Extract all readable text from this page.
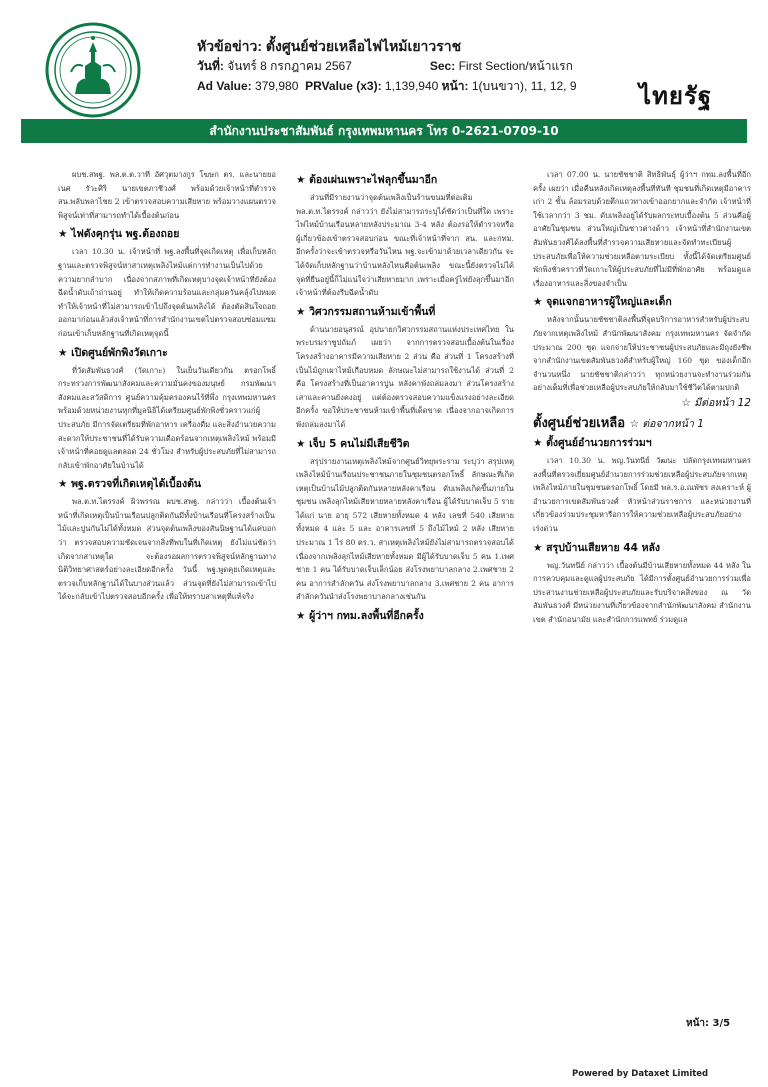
หัวข้อข่าว:
ตั้งศูนย์ช่วยเหลือไฟไหม้เยาวราช
วันที่:
จันทร์ 8 กรกฎาคม 2567	Sec:
First Section/หน้าแรก
Ad Value:
379,980
PRValue (x3):
1,139,940
หน้า:
1(บนขวา), 11, 12, 9	ไทยรัฐ
สำนักงานประชาสัมพันธ์ กรุงเทพมหานคร โทร 0-2621-0709-10

ผบช.สพฐ. พล.ต.ต.วาที อัศวุตมางกูร โฆษก ตร. และนายยอเนศ รัวะศิริ นายเขตภาชีวงศ์ พร้อมด้วยเจ้าหน้าที่ตำรวจสน.พลับพลาไชย 2 เข้าตรวจสอบความเสียหาย พร้อมวางแผนตรวจพิสูจน์เท่าที่สามารถทำได้เบื้องต้นก่อน

★ ไฟดังคุกรุ่น พฐ.ต้องถอย

เวลา 10.30 น. เจ้าหน้าที่ พฐ.ลงพื้นที่จุดเกิดเหตุ เพื่อเก็บหลักฐานและตรวจพิสูจน์หาสาเหตุเพลิงไหม้แต่การทำงานเป็นไปด้วยความยากลำบาก เนื่องจากสภาพที่เกิดเหตุบางจุดเจ้าหน้าที่ยังต้องฉีดน้ำดับเถ้าถ่านอยู่ ทำให้เกิดความร้อนและกลุ่มควันคลุ้งไปหมด ทำให้เจ้าหน้าที่ไม่สามารถเข้าไปถึงจุดต้นเพลิงได้ ต้องตัดสินใจถอยออกมาก่อนแล้วส่งเจ้าหน้าที่การสำนักงานเขตไปตรวจสอบซ่อมแซม ก่อนเข้าเก็บหลักฐานที่เกิดเหตุจุดนี้

★ เปิดศูนย์พักพิงวัดเกาะ

ที่วัดสัมพันธวงศ์ (วัดเกาะ) ในเย็นวันเดียวกัน ตรอกโพธิ์ กระทรวงการพัฒนาสังคมและความมั่นคงของมนุษย์ กรมพัฒนาสังคมและสวัสดิการ ศูนย์ความคุ้มครองคนไร้ที่พึ่ง กรุงเทพมหานคร พร้อมด้วยหน่วยงานทุกที่มูลนิธิได้เตรียมศูนย์พักพิงชั่วคราวแก่ผู้ประสบภัย มีการจัดเตรียมที่พักอาหาร เครื่องดื่ม และสิ่งอำนวยความสะดวกให้ประชาชนที่ได้รับความเดือดร้อนจากเหตุเพลิงไหม้ พร้อมมีเจ้าหน้าที่คอยดูแลตลอด 24 ชั่วโมง สำหรับผู้ประสบภัยที่ไม่สามารถกลับเข้าพักอาศัยในบ้านได้

★ พฐ.ตรวจที่เกิดเหตุได้เบื้องต้น

พล.ต.ท.ไตรรงค์ ผิวพรรณ ผบช.สพฐ. กล่าวว่า เบื้องต้นเจ้าหน้าที่เกิดเหตุเป็นบ้านเรือนปลูกติดกันมีทั้งบ้านเรือนที่โครงสร้างเป็นไม้และปูนกันไม่ได้ทั้งหมด ส่วนจุดต้นเพลิงของสันนิษฐานได้แค่บอกว่า ตรวจสอบความชัดเจนจากสิ่งที่พบในที่เกิดเหตุ ยังไม่แน่ชัดว่าเกิดจากสาเหตุใด จะต้องรอผลการตรวจพิสูจน์หลักฐานทางนิติวิทยาศาสตร์อย่างละเอียดอีกครั้ง วันนี้ พฐ.พูดคุยเกิดเหตุและตรวจเก็บหลักฐานได้ในบางส่วนแล้ว ส่วนจุดที่ยังไม่สามารถเข้าไปได้จะกลับเข้าไปตรวจสอบอีกครั้ง เพื่อให้ทราบสาเหตุที่แท้จริง

★ ต้องเผ่นเพราะไฟลุกขึ้นมาอีก

ส่วนที่มีรายงานว่าจุดต้นเพลิงเป็นร้านขนมที่ต่อเติม พล.ต.ท.ไตรรงค์ กล่าวว่า ยังไม่สามารถระบุได้ชัดว่าเป็นที่ใด เพราะไฟไหม้บ้านเรือนหลายหลังประมาณ 3-4 หลัง ต้องรอให้ตำรวจหรือผู้เกี่ยวข้องเข้าตรวจสอบก่อน ขณะที่เจ้าหน้าที่จาก สน. และกทม. อีกครั้งว่าจะเข้าตรวจหรือวันไหน พฐ.จะเข้ามาด้วยเวลาเดียวกัน จะได้จัดเก็บหลักฐานว่าบ้านหลังไหนคือต้นเพลิง ขณะนี้ยังตรวจไม่ได้ จุดที่ยืนอยู่นี้ก็ไม่แน่ใจว่าเสียหายมาก เพราะเมื่อครู่ไฟยังลุกขึ้นมาอีก เจ้าหน้าที่ต้องรีบฉีดน้ำดับ

★ วิศวกรรมสถานห้ามเข้าพื้นที่

ด้านนายอนุสรณ์ อุปนายกวิศวกรรมสถานแห่งประเทศไทย ในพระบรมราชูปถัมภ์ เผยว่า จากการตรวจสอบเบื้องต้นในเรื่องโครงสร้างอาคารมีความเสียหาย 2 ส่วน คือ ส่วนที่ 1 โครงสร้างที่เป็นไม้ถูกเผาไหม้เกือบหมด ลักษณะไม่สามารถใช้งานได้ ส่วนที่ 2 คือ โครงสร้างที่เป็นอาคารปูน หลังคาพังถล่มลงมา ส่วนโครงสร้างเสาและคานยังคงอยู่ แต่ต้องตรวจสอบความแข็งแรงอย่างละเอียดอีกครั้ง ขอให้ประชาชนห้ามเข้าพื้นที่เด็ดขาด เนื่องจากอาจเกิดการพังถล่มลงมาได้

★ เจ็บ 5 คนไม่มีเสียชีวิต

สรุปรายงานเหตุเพลิงไหม้จากศูนย์วิทยุพระราม ระบุว่า สรุปเหตุเพลิงไหม้บ้านเรือนประชาชนภายในชุมชนตรอกโพธิ์ ลักษณะที่เกิดเหตุเป็นบ้านไม้ปลูกติดกันหลายหลังคาเรือน ดับเพลิงเกิดขึ้นภายในชุมชน เพลิงลุกไหม้เสียหายหลายหลังคาเรือน ผู้ได้รับบาดเจ็บ 5 ราย ได้แก่ นาย อายุ 572 เสียหายทั้งหมด 4 หลัง เลขที่ 540 เสียหายทั้งหมด 4 และ 5 และ อาคารเลขที่ 5 ถึงไม้ไหม้ 2 หลัง เสียหายประมาณ 1 ไร่ 80 ตร.ว. สาเหตุเพลิงไหม้ยังไม่สามารถตรวจสอบได้ เนื่องจากเพลิงลุกไหม้เสียหายทั้งหมด มีผู้ได้รับบาดเจ็บ 5 คน 1.เพศชาย 1 คน ได้รับบาดเจ็บเล็กน้อย ส่งโรงพยาบาลกลาง 2.เพศชาย 2 คน อาการสำลักควัน ส่งโรงพยาบาลกลาง 3.เพศชาย 2 คน อาการสำลักควันนำส่งโรงพยาบาลกลางเช่นกัน

★ ผู้ว่าฯ กทม.ลงพื้นที่อีกครั้ง

เวลา 07.00 น. นายชัชชาติ สิทธิพันธุ์ ผู้ว่าฯ กทม.ลงพื้นที่อีกครั้ง เผยว่า เมื่อคืนหลังเกิดเหตุลงพื้นที่ทันที ชุมชนที่เกิดเหตุมีอาคารเก่า 2 ชั้น ล้อมรอบด้วยตึกแถวทางเข้าออกยากและจำกัด เจ้าหน้าที่ใช้เวลากว่า 3 ชม. ดับเพลิงอยู่ได้รับผลกระทบเบื้องต้น 5 ส่วนคือผู้อาศัยในชุมชน ส่วนใหญ่เป็นชาวต่างด้าว เจ้าหน้าที่สำนักงานเขตสัมพันธวงศ์ได้ลงพื้นที่สำรวจความเสียหายและจัดทำทะเบียนผู้ประสบภัยเพื่อให้ความช่วยเหลือตามระเบียบ ทั้งนี้ได้จัดเตรียมศูนย์พักพิงชั่วคราวที่วัดเกาะให้ผู้ประสบภัยที่ไม่มีที่พักอาศัย พร้อมดูแลเรื่องอาหารและสิ่งของจำเป็น

★ จุดแจกอาหารผู้ใหญ่และเด็ก

หลังจากนั้นนายชัชชาติลงพื้นที่จุดบริการอาหารสำหรับผู้ประสบภัยจากเหตุเพลิงไหม้ สำนักพัฒนาสังคม กรุงเทพมหานคร จัดจำกัดประมาณ 200 ชุด แจกจ่ายให้ประชาชนผู้ประสบภัยและมีถุงยังชีพจากสำนักงานเขตสัมพันธวงศ์สำหรับผู้ใหญ่ 160 ชุด ของเด็กอีกจำนวนหนึ่ง นายชัชชาติกล่าวว่า ทุกหน่วยงานจะทำงานร่วมกันอย่างเต็มที่เพื่อช่วยเหลือผู้ประสบภัยให้กลับมาใช้ชีวิตได้ตามปกติ

☆ มีต่อหน้า 12
ตั้งศูนย์ช่วยเหลือ ☆ ต่อจากหน้า 1
★ ตั้งศูนย์อำนวยการร่วมฯ

เวลา 10.30 น. พญ.วันทนีย์ วัฒนะ ปลัดกรุงเทพมหานคร ลงพื้นที่ตรวจเยี่ยมศูนย์อำนวยการร่วมช่วยเหลือผู้ประสบภัยจากเหตุเพลิงไหม้ภายในชุมชนตรอกโพธิ์ โดยมี พล.ร.อ.ณพัชร สงเคราะห์ ผู้อำนวยการเขตสัมพันธวงศ์ หัวหน้าส่วนราชการ และหน่วยงานที่เกี่ยวข้องร่วมประชุมหารือการให้ความช่วยเหลือผู้ประสบภัยอย่างเร่งด่วน

★ สรุปบ้านเสียหาย 44 หลัง

พญ.วันทนีย์ กล่าวว่า เบื้องต้นมีบ้านเสียหายทั้งหมด 44 หลัง ในการควบคุมและดูแลผู้ประสบภัย ได้มีการตั้งศูนย์อำนวยการร่วมเพื่อประสานงานช่วยเหลือผู้ประสบภัยและรับบริจาคสิ่งของ ณ วัดสัมพันธวงศ์ มีหน่วยงานที่เกี่ยวข้องจากสำนักพัฒนาสังคม สำนักงานเขต สำนักอนามัย และสำนักการแพทย์ ร่วมดูแล

หน้า: 3/5
Powered by Dataxet Limited
